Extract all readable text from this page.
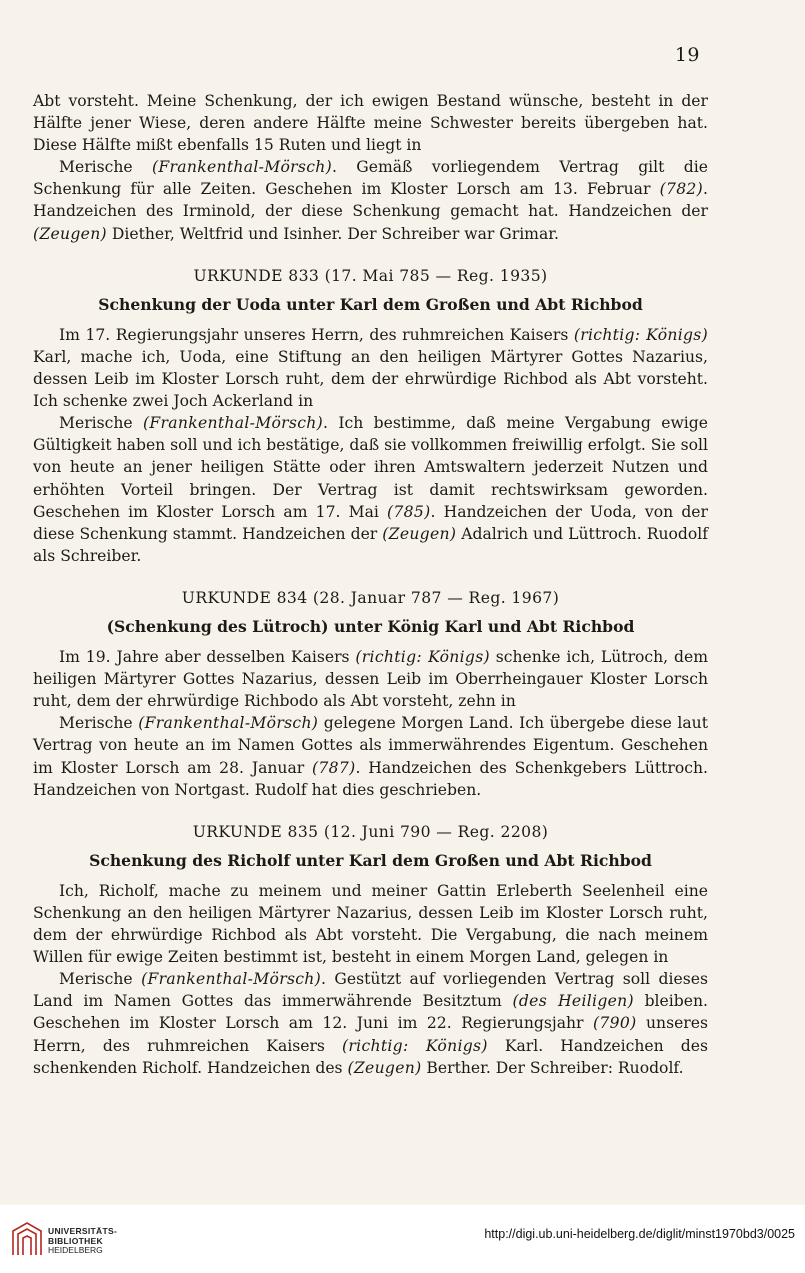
19

Abt vorsteht. Meine Schenkung, der ich ewigen Bestand wünsche, besteht in der Hälfte jener Wiese, deren andere Hälfte meine Schwester bereits übergeben hat. Diese Hälfte mißt ebenfalls 15 Ruten und liegt in

Merische (Frankenthal-Mörsch). Gemäß vorliegendem Vertrag gilt die Schenkung für alle Zeiten. Geschehen im Kloster Lorsch am 13. Februar (782). Handzeichen des Irminold, der diese Schenkung gemacht hat. Handzeichen der (Zeugen) Diether, Weltfrid und Isinher. Der Schreiber war Grimar.

URKUNDE 833 (17. Mai 785 — Reg. 1935)

Schenkung der Uoda unter Karl dem Großen und Abt Richbod

Im 17. Regierungsjahr unseres Herrn, des ruhmreichen Kaisers (richtig: Königs) Karl, mache ich, Uoda, eine Stiftung an den heiligen Märtyrer Gottes Nazarius, dessen Leib im Kloster Lorsch ruht, dem der ehrwürdige Richbod als Abt vorsteht. Ich schenke zwei Joch Ackerland in

Merische (Frankenthal-Mörsch). Ich bestimme, daß meine Vergabung ewige Gültigkeit haben soll und ich bestätige, daß sie vollkommen freiwillig erfolgt. Sie soll von heute an jener heiligen Stätte oder ihren Amtswaltern jederzeit Nutzen und erhöhten Vorteil bringen. Der Vertrag ist damit rechtswirksam geworden. Geschehen im Kloster Lorsch am 17. Mai (785). Handzeichen der Uoda, von der diese Schenkung stammt. Handzeichen der (Zeugen) Adalrich und Lüttroch. Ruodolf als Schreiber.

URKUNDE 834 (28. Januar 787 — Reg. 1967)

(Schenkung des Lütroch) unter König Karl und Abt Richbod

Im 19. Jahre aber desselben Kaisers (richtig: Königs) schenke ich, Lütroch, dem heiligen Märtyrer Gottes Nazarius, dessen Leib im Oberrheingauer Kloster Lorsch ruht, dem der ehrwürdige Richbodo als Abt vorsteht, zehn in

Merische (Frankenthal-Mörsch) gelegene Morgen Land. Ich übergebe diese laut Vertrag von heute an im Namen Gottes als immerwährendes Eigentum. Geschehen im Kloster Lorsch am 28. Januar (787). Handzeichen des Schenkgebers Lüttroch. Handzeichen von Nortgast. Rudolf hat dies geschrieben.

URKUNDE 835 (12. Juni 790 — Reg. 2208)

Schenkung des Richolf unter Karl dem Großen und Abt Richbod

Ich, Richolf, mache zu meinem und meiner Gattin Erleberth Seelenheil eine Schenkung an den heiligen Märtyrer Nazarius, dessen Leib im Kloster Lorsch ruht, dem der ehrwürdige Richbod als Abt vorsteht. Die Vergabung, die nach meinem Willen für ewige Zeiten bestimmt ist, besteht in einem Morgen Land, gelegen in

Merische (Frankenthal-Mörsch). Gestützt auf vorliegenden Vertrag soll dieses Land im Namen Gottes das immerwährende Besitztum (des Heiligen) bleiben. Geschehen im Kloster Lorsch am 12. Juni im 22. Regierungsjahr (790) unseres Herrn, des ruhmreichen Kaisers (richtig: Königs) Karl. Handzeichen des schenkenden Richolf. Handzeichen des (Zeugen) Berther. Der Schreiber: Ruodolf.

UNIVERSITÄTS-
BIBLIOTHEK
HEIDELBERG
http://digi.ub.uni-heidelberg.de/diglit/minst1970bd3/0025
